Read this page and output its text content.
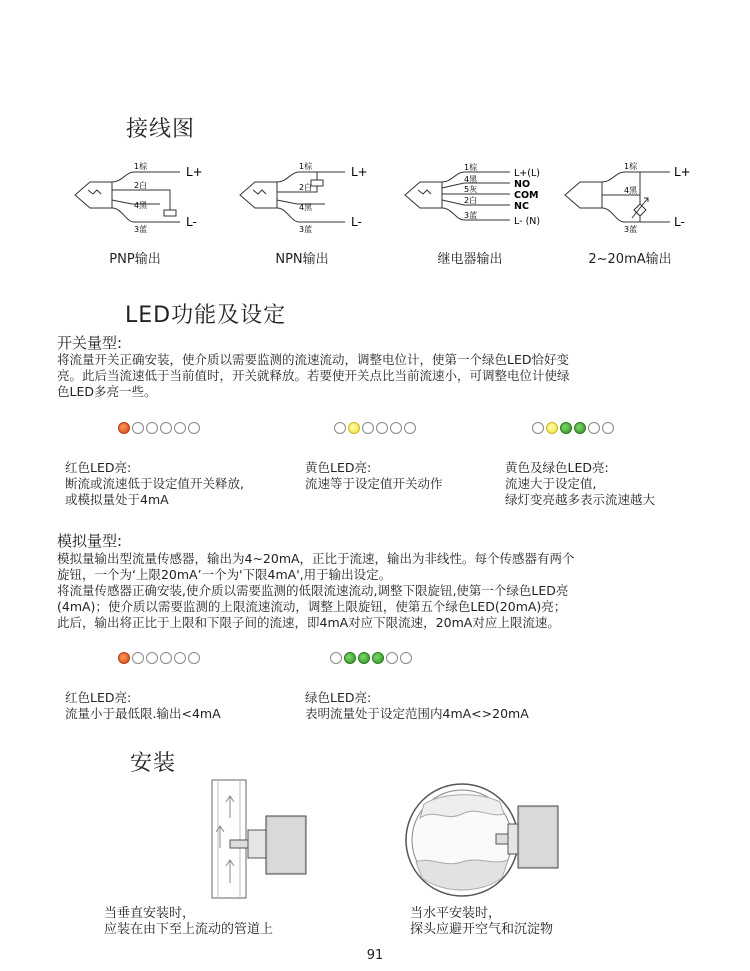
接线图
1棕
2白
4黑
3蓝
L+
L-
PNP输出
1棕
2白
4黑
3蓝
L+
L-
NPN输出
1棕
4黑
5灰
2白
3蓝
L+(L)
NO
COM
NC
L- (N)
继电器输出
1棕
4黑
3蓝
L+
L-
2~20mA输出
LED功能及设定
开关量型:
将流量开关正确安装，使介质以需要监测的流速流动，调整电位计，使第一个绿色LED恰好变
亮。此后当流速低于当前值时，开关就释放。若要使开关点比当前流速小，可调整电位计使绿
色LED多亮一些。
红色LED亮:
断流或流速低于设定值开关释放,
或模拟量处于4mA
黄色LED亮:
流速等于设定值开关动作
黄色及绿色LED亮:
流速大于设定值,
绿灯变亮越多表示流速越大
模拟量型:
模拟量输出型流量传感器，输出为4~20mA，正比于流速，输出为非线性。每个传感器有两个
旋钮，一个为‘上限20mA’一个为'下限4mA',用于输出设定。
将流量传感器正确安装,使介质以需要监测的低限流速流动,调整下限旋钮,使第一个绿色LED亮
(4mA)；使介质以需要监测的上限流速流动，调整上限旋钮，使第五个绿色LED(20mA)亮；
此后，输出将正比于上限和下限子间的流速，即4mA对应下限流速，20mA对应上限流速。
红色LED亮:
流量小于最低限.输出<4mA
绿色LED亮:
表明流量处于设定范围内4mA<>20mA
安装
当垂直安装时，
应装在由下至上流动的管道上
当水平安装时，
探头应避开空气和沉淀物
91
